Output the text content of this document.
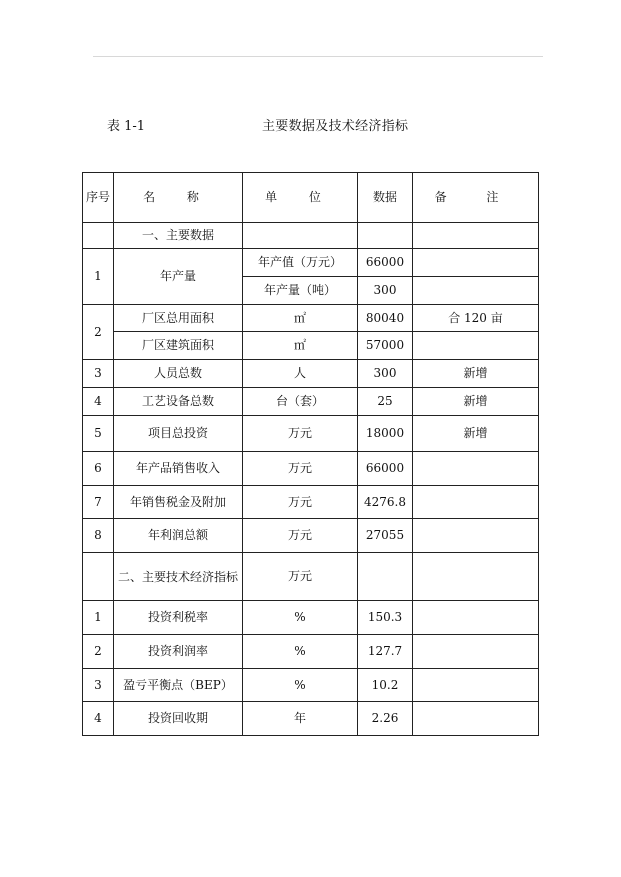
表 1-1	主要数据及技术经济指标
序号	名 称	单 位	数据	备 注
	一、主要数据			
1	年产量	年产值（万元）	66000	
		年产量（吨）	300	
2	厂区总用面积	㎡	80040	合 120 亩
	厂区建筑面积	㎡	57000	
3	人员总数	人	300	新增
4	工艺设备总数	台（套）	25	新增
5	项目总投资	万元	18000	新增
6	年产品销售收入	万元	66000	
7	年销售税金及附加	万元	4276.8	
8	年利润总额	万元	27055	
	二、主要技术经济指标	万元		
1	投资利税率	%	150.3	
2	投资利润率	%	127.7	
3	盈亏平衡点（BEP）	%	10.2	
4	投资回收期	年	2.26	
